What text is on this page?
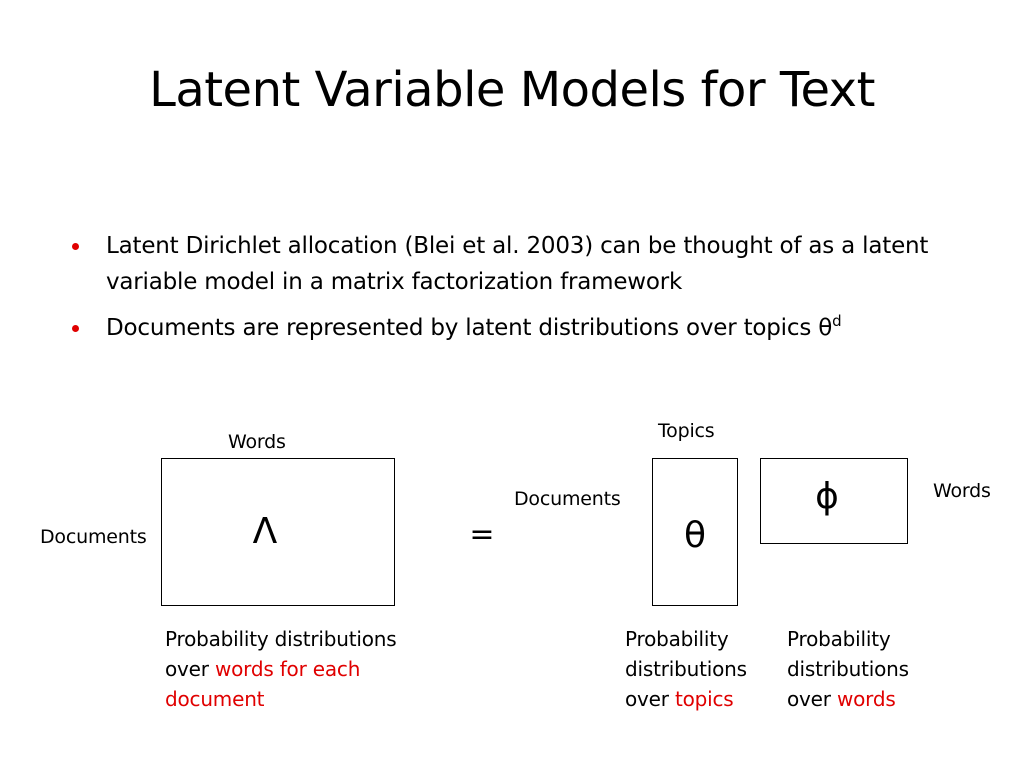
Latent Variable Models for Text
Latent Dirichlet allocation (Blei et al. 2003) can be thought of as a latent variable model in a matrix factorization framework
Documents are represented by latent distributions over topics $\theta^d$
Words
Documents	Λ	=
Topics
Documents
θ
ϕ	Words
Probability distributions
over words for each
document
Probability
distributions
over topics
Probability
distributions
over words
